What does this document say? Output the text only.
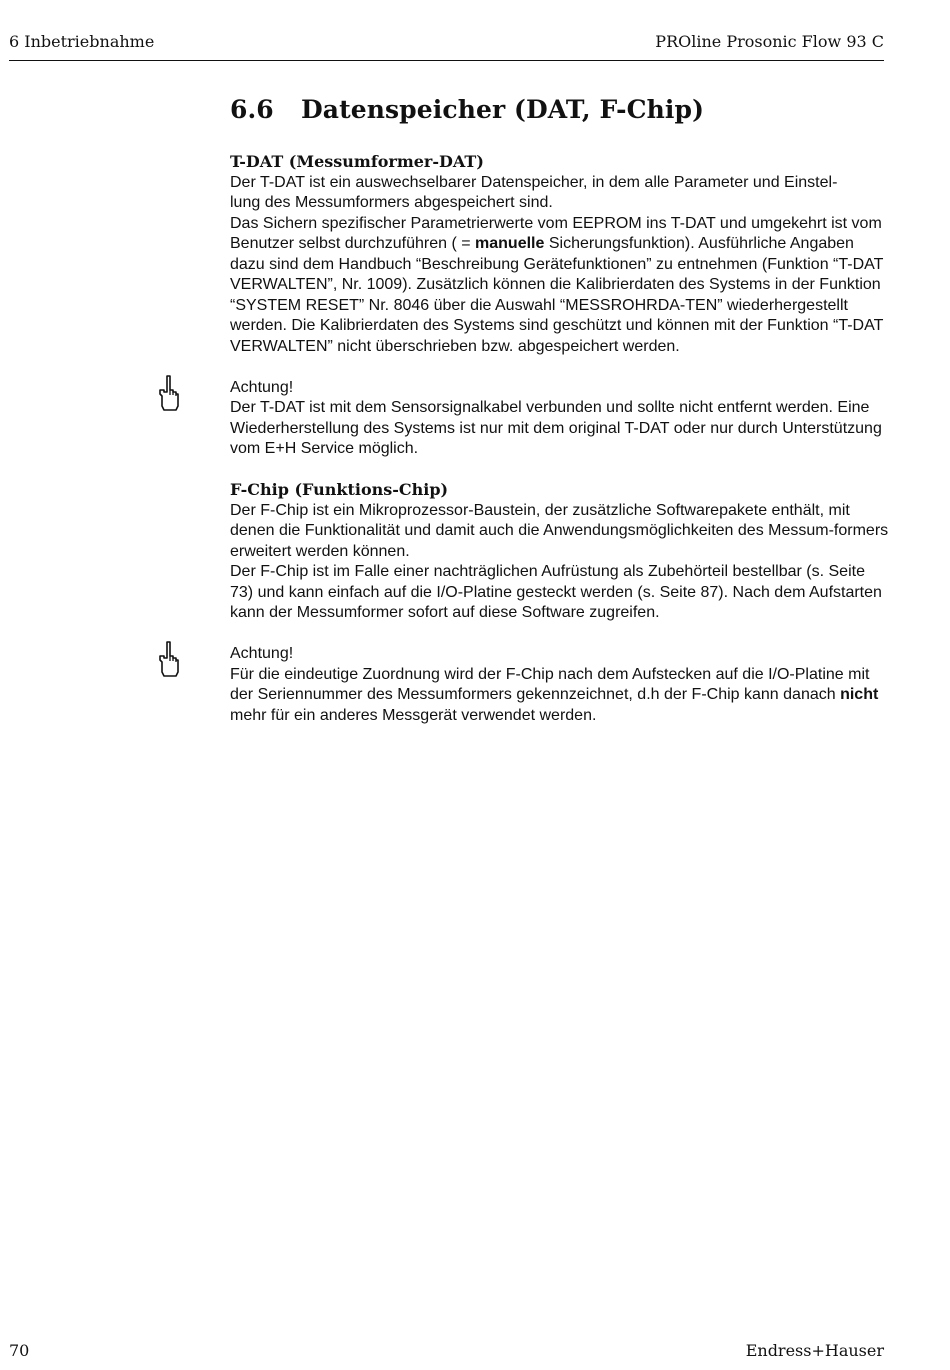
6 Inbetriebnahme	PROline Prosonic Flow 93 C
6.6	Datenspeicher (DAT, F-Chip)

T-DAT (Messumformer-DAT)

Der T-DAT ist ein auswechselbarer Datenspeicher, in dem alle Parameter und Einstel-
lung des Messumformers abgespeichert sind.

Das Sichern spezifischer Parametrierwerte vom EEPROM ins T-DAT und umgekehrt ist vom Benutzer selbst durchzuführen ( = manuelle Sicherungsfunktion). Ausführliche Angaben dazu sind dem Handbuch “Beschreibung Gerätefunktionen” zu entnehmen (Funktion “T-DAT VERWALTEN”, Nr. 1009). Zusätzlich können die Kalibrierdaten des Systems in der Funktion “SYSTEM RESET” Nr. 8046 über die Auswahl “MESSROHRDA-TEN” wiederhergestellt werden. Die Kalibrierdaten des Systems sind geschützt und können mit der Funktion “T-DAT VERWALTEN” nicht überschrieben bzw. abgespeichert werden.

Achtung!

Der T-DAT ist mit dem Sensorsignalkabel verbunden und sollte nicht entfernt werden. Eine Wiederherstellung des Systems ist nur mit dem original T-DAT oder nur durch Unterstützung vom E+H Service möglich.

F-Chip (Funktions-Chip)

Der F-Chip ist ein Mikroprozessor-Baustein, der zusätzliche Softwarepakete enthält, mit denen die Funktionalität und damit auch die Anwendungsmöglichkeiten des Messum-formers erweitert werden können.

Der F-Chip ist im Falle einer nachträglichen Aufrüstung als Zubehörteil bestellbar (s. Seite 73) und kann einfach auf die I/O-Platine gesteckt werden (s. Seite 87). Nach dem Aufstarten kann der Messumformer sofort auf diese Software zugreifen.

Achtung!

Für die eindeutige Zuordnung wird der F-Chip nach dem Aufstecken auf die I/O-Platine mit der Seriennummer des Messumformers gekennzeichnet, d.h der F-Chip kann danach nicht mehr für ein anderes Messgerät verwendet werden.

70	Endress+Hauser
